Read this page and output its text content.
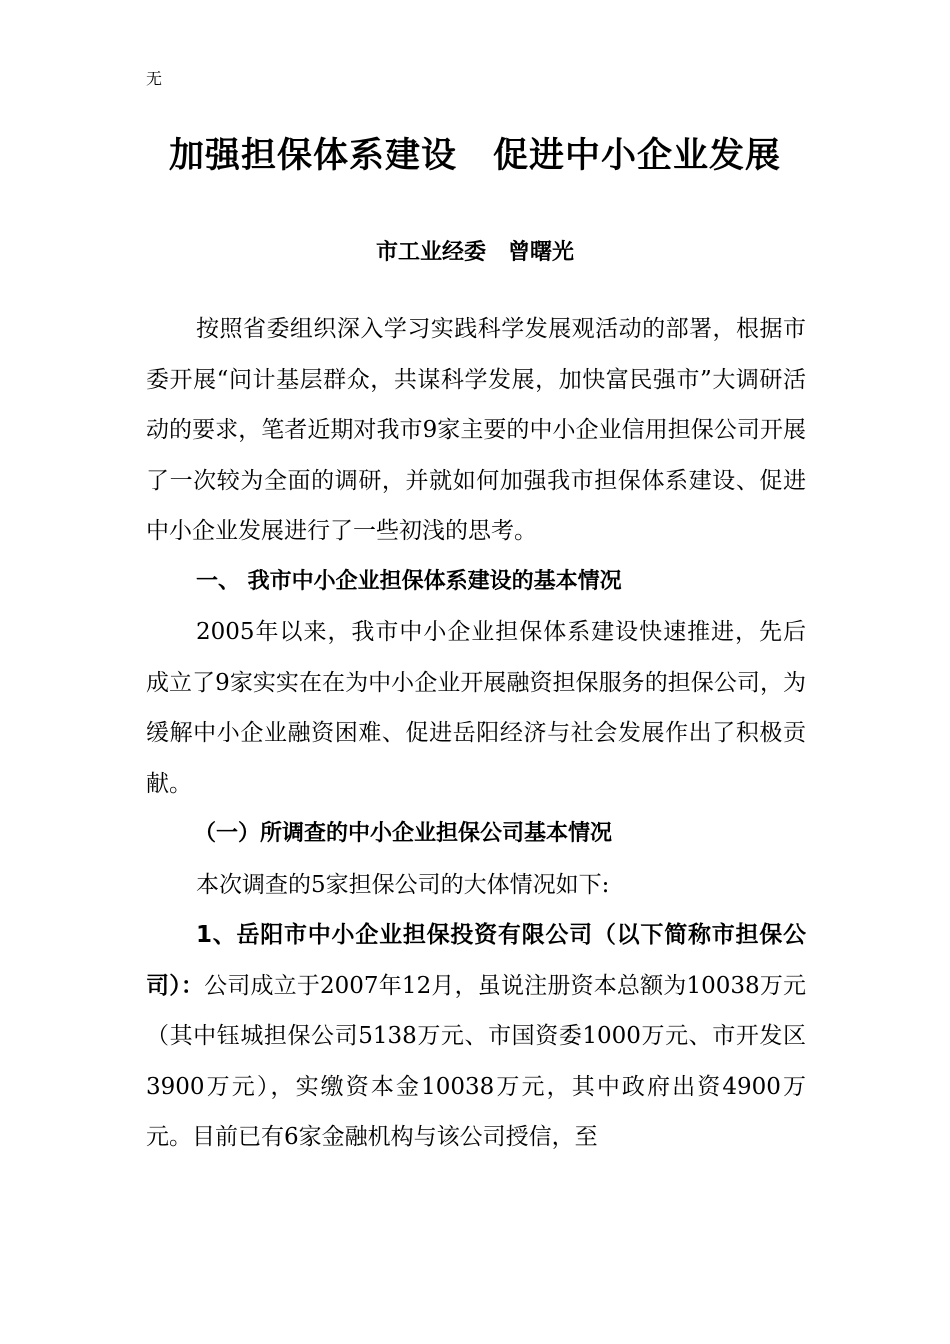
无
加强担保体系建设　促进中小企业发展
市工业经委　曾曙光

按照省委组织深入学习实践科学发展观活动的部署，根据市委开展“问计基层群众，共谋科学发展，加快富民强市”大调研活动的要求，笔者近期对我市9家主要的中小企业信用担保公司开展了一次较为全面的调研，并就如何加强我市担保体系建设、促进中小企业发展进行了一些初浅的思考。

一、 我市中小企业担保体系建设的基本情况

2005年以来，我市中小企业担保体系建设快速推进，先后成立了9家实实在在为中小企业开展融资担保服务的担保公司，为缓解中小企业融资困难、促进岳阳经济与社会发展作出了积极贡献。

（一）所调查的中小企业担保公司基本情况

本次调查的5家担保公司的大体情况如下:

1、岳阳市中小企业担保投资有限公司（以下简称市担保公司）：公司成立于2007年12月，虽说注册资本总额为10038万元（其中钰城担保公司5138万元、市国资委1000万元、市开发区3900万元），实缴资本金10038万元，其中政府出资4900万元。目前已有6家金融机构与该公司授信，至
